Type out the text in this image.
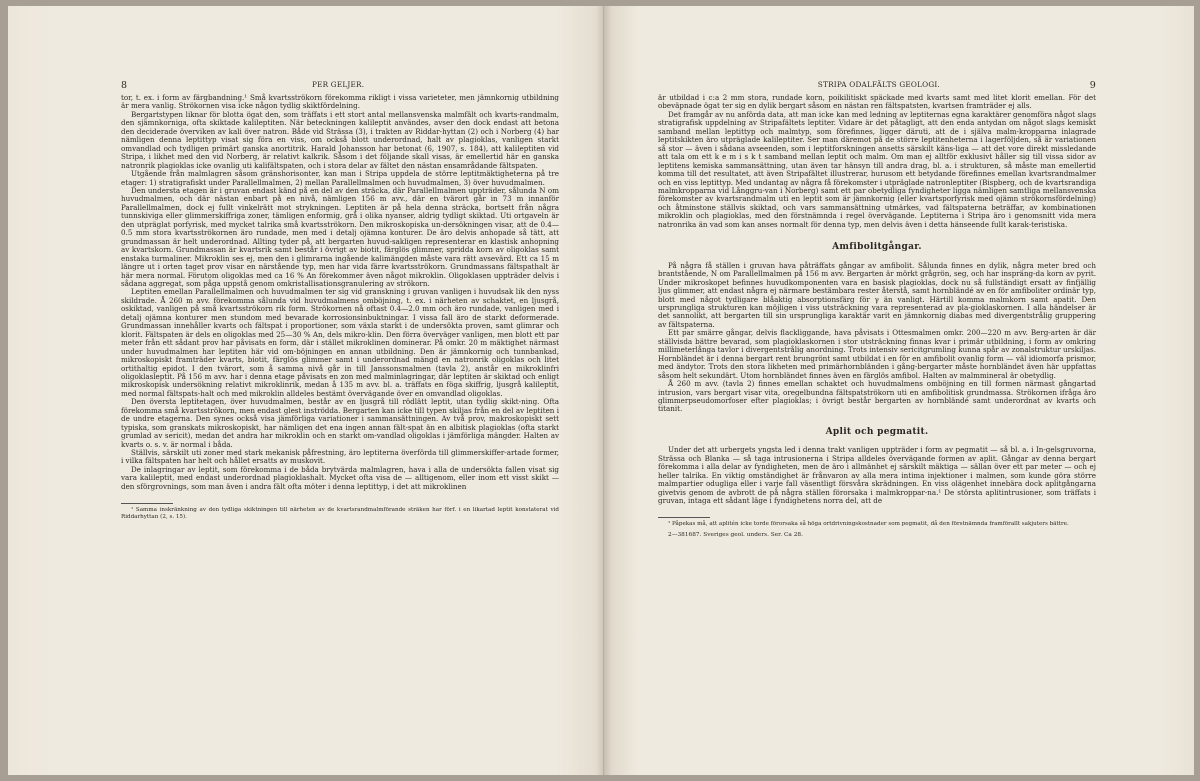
8	PER GELJER.

tor, t. ex. i form av färgbandning.¹ Små kvartsströkorn förekomma rikligt i vissa varieteter, men jämnkornig utbildning är mera vanlig. Strökornen visa icke någon tydlig skiktfördelning.

Bergartstypen liknar för blotta ögat den, som träffats i ett stort antal mellansvenska malmfält och kvarts-randmalm, den sjämnkorniga, ofta skiktade kalileptiten. När beteckningen kalileptit användes, avser den dock endast att betona den deciderade överviken av kali över natron. Både vid Strässa (3), i trakten av Riddar-hyttan (2) och i Norberg (4) har nämligen denna leptittyp visat sig föra en viss, om också blott underordnad, halt av plagioklas, vanligen starkt omvandlad och tydligen primärt ganska anortitrik. Harald Johansson har betonat (6, 1907, s. 184), att kalileptiten vid Stripa, i likhet med den vid Norberg, är relativt kalkrik. Såsom i det följande skall visas, är emellertid här en ganska natronrik plagioklas icke ovanlig uti kalifältspaten, och i stora delar av fältet den nästan ensamrådande fältspaten.

Utgående från malmlagren såsom gränshorisonter, kan man i Stripa uppdela de större leptitmäktigheterna på tre etager: 1) stratigrafiskt under Parallellmalmen, 2) mellan Parallellmalmen och huvudmalmen, 3) över huvudmalmen.

Den understa etagen är i gruvan endast känd på en del av den sträcka, där Parallellmalmen uppträder, sålunda N om huvudmalmen, och där nästan enbart på en nivå, nämligen 156 m avv., där en tvärort går in 73 m innanför Parallellmalmen, dock ej fullt vinkelrätt mot strykningen. Leptiten är på hela denna sträcka, bortsett från några tunnskiviga eller glimmerskiffriga zoner, tämligen enformig, grå i olika nyanser, aldrig tydligt skiktad. Uti ortgaveln är den utpräglat porfyrisk, med mycket talrika små kvartsströkorn. Den mikroskopiska un-dersökningen visar, att de 0.4—0.5 mm stora kvartsströkornen äro rundade, men med i detalj ojämna konturer. De äro delvis anhopade så tätt, att grundmassan är helt underordnad. Allting tyder på, att bergarten huvud-sakligen representerar en klastisk anhopning av kvartskorn. Grundmassan är kvartsrik samt består i övrigt av biotit, färglös glimmer, spridda korn av oligoklas samt enstaka turmaliner. Mikroklin ses ej, men den i glimrarna ingående kalimängden måste vara rätt avsevärd. Ett ca 15 m längre ut i orten taget prov visar en närstående typ, men har vida färre kvartsströkorn. Grundmassans fältspathalt är här mera normal. Förutom oligoklas med ca 16 % An förekommer även något mikroklin. Oligoklasen uppträder delvis i sådana aggregat, som påga uppstå genom omkristallisationsgranulering av strökorn.

Leptiten emellan Parallellmalmen och huvudmalmen ter sig vid granskning i gruvan vanligen i huvudsak lik den nyss skildrade. Å 260 m avv. förekomma sålunda vid huvudmalmens omböjning, t. ex. i närheten av schaktet, en ljusgrå, oskiktad, vanligen på små kvartsströkorn rik form. Strökornen nå oftast 0.4—2.0 mm och äro rundade, vanligen med i detalj ojämna konturer men stundom med bevarade korrosionsinbuktningar. I vissa fall äro de starkt deformerade. Grundmassan innehåller kvarts och fältspat i proportioner, som växla starkt i de undersökta proven, samt glimrar och klorit. Fältspaten är dels en oligoklas med 25—30 % An, dels mikro-klin. Den förra överväger vanligen, men blott ett par meter från ett sådant prov har påvisats en form, där i stället mikroklinen dominerar. På omkr. 20 m mäktighet närmast under huvudmalmen har leptiten här vid om-böjningen en annan utbildning. Den är jämnkornig och tunnbankad, mikroskopiskt framträder kvarts, biotit, färglös glimmer samt i underordnad mängd en natronrik oligoklas och litet ortithaltig epidot. I den tvärort, som å samma nivå går in till Janssonsmalmen (tavla 2), anstår en mikroklinfri oligoklasleptit. På 156 m avv. har i denna etage påvisats en zon med malminlagringar, där leptiten är skiktad och enligt mikroskopisk undersökning relativt mikroklinrik, medan å 135 m avv. bl. a. träffats en föga skiffrig, ljusgrå kalileptit, med normal fältspats-halt och med mikroklin alldeles bestämt övervägande över en omvandlad oligoklas.

Den översta leptitetagen, över huvudmalmen, består av en ljusgrå till rödlätt leptit, utan tydlig skikt-ning. Ofta förekomma små kvartsströkorn, men endast glest inströdda. Bergarten kan icke till typen skiljas från en del av leptiten i de undre etagerna. Den synes också visa jämförliga variationer i sammansättningen. Av två prov, makroskopiskt sett typiska, som granskats mikroskopiskt, har nämligen det ena ingen annan fält-spat än en albitisk plagioklas (ofta starkt grumlad av sericit), medan det andra har mikroklin och en starkt om-vandlad oligoklas i jämförliga mängder. Halten av kvarts o. s. v. är normal i båda.

Ställvis, särskilt uti zoner med stark mekanisk påfrestning, äro leptiterna överförda till glimmerskiffer-artade former, i vilka fältspaten har helt och hållet ersatts av muskovit.

De inlagringar av leptit, som förekomma i de båda brytvärda malmlagren, hava i alla de undersökta fallen visat sig vara kalileptit, med endast underordnad plagioklashalt. Mycket ofta visa de — alltigenom, eller inom ett visst skikt — den sförgrovnings, som man även i andra fält ofta möter i denna leptittyp, i det att mikroklinen

¹ Samma inskränkning av den tydliga skiktningen till närheten av de kvartsrandmalmförande sträken har förf. i en likartad leptit konstaterat vid Riddarhyttan (2, s. 15).

STRIPA ODALFÄLTS GEOLOGI.	9

är utbildad i c:a 2 mm stora, rundade korn, poikilitiskt späckade med kvarts samt med litet klorit emellan. För det obeväpnade ögat ter sig en dylik bergart såsom en nästan ren fältspatsten, kvartsen framträder ej alls.

Det framgår av nu anförda data, att man icke kan med ledning av leptiternas egna karaktärer genomföra något slags stratigrafisk uppdelning av Stripafältets leptiter. Vidare är det påtagligt, att den enda antydan om något slags kemiskt samband mellan leptittyp och malmtyp, som förefinnes, ligger däruti, att de i själva malm-kropparna inlagrade leptitskikten äro utpräglade kalileptiter. Ser man däremot på de större leptitenheterna i lagerföljden, så är variationen så stor — även i sådana avseenden, som i leptitforskningen ansetts särskilt käns-liga — att det vore direkt missledande att tala om ett k e m i s k t samband mellan leptit och malm. Om man ej alltför exklusivt håller sig till vissa sidor av leptitens kemiska sammansättning, utan även tar hänsyn till andra drag, bl. a. i strukturen, så måste man emellertid komma till det resultatet, att även Stripafältet illustrerar, hurusom ett betydande förefinnes emellan kvartsrandmalmer och en viss leptittyp. Med undantag av några få förekomster i utpräglade natronleptiter (Bispberg, och de kvartsrandiga malmkropparna vid Långgru-van i Norberg) samt ett par obetydliga fyndigheter ligga nämligen samtliga mellansvenska förekomster av kvartsrandmalm uti en leptit som är jämnkornig (eller kvartsporfyrisk med ojämn strökornsfördelning) och åtminstone ställvis skiktad, och vars sammansättning utmärkes, vad fältspaterna beträffar, av kombinationen mikroklin och plagioklas, med den förstnämnda i regel övervägande. Leptiterna i Stripa äro i genomsnitt vida mera natronrika än vad som kan anses normalt för denna typ, men delvis även i detta hänseende fullt karak-teristiska.

Amfibolitgångar.

På några få ställen i gruvan hava påträffats gångar av amfibolit. Sålunda finnes en dylik, några meter bred och brantstående, N om Parallellmalmen på 156 m avv. Bergarten är mörkt grågrön, seg, och har inspräng-da korn av pyrit. Under mikroskopet befinnes huvudkomponenten vara en basisk plagioklas, dock nu så fullständigt ersatt av finfjällig ljus glimmer, att endast några ej närmare bestämbara rester återstå, samt hornbländé av en för amfiboliter ordinär typ, blott med något tydligare blåaktig absorptionsfärg för γ än vanligt. Härtill komma malmkorn samt apatit. Den ursprungliga strukturen kan möjligen i viss utsträckning vara representerad av pla-gioklaskornen. I alla händelser är det sannolikt, att bergarten till sin ursprungliga karaktär varit en jämnkornig diabas med divergentstrålig gruppering av fältspaterna.

Ett par smärre gångar, delvis flackliggande, hava påvisats i Ottesmalmen omkr. 200—220 m avv. Berg-arten är där ställvisda bättre bevarad, som plagioklaskornen i stor utsträckning finnas kvar i primär utbildning, i form av omkring millimeterlånga tavlor i divergentstrålig anordning. Trots intensiv sericitgrumling kunna spår av zonalstruktur urskiljas. Hornbländet är i denna bergart rent brungrönt samt utbildat i en för en amfibolit ovanlig form — väl idiomorfa prismor, med ändytor. Trots den stora likheten med primärhornbländen i gång-bergarter måste hornbländet även här uppfattas såsom helt sekundärt. Utom hornbländet finnes även en färglös amfibol. Halten av malmmineral är obetydlig.

Å 260 m avv. (tavla 2) finnes emellan schaktet och huvudmalmens omböjning en till formen närmast gångartad intrusion, vars bergart visar vita, oregelbundna fältspatströkorn uti en amfibolitisk grundmassa. Strökornen ifråga äro glimmerpseudomorfoser efter plagioklas; i övrigt består bergarten av hornbländé samt underordnat av kvarts och titanit.

Aplit och pegmatit.

Under det att urbergets yngsta led i denna trakt vanligen uppträder i form av pegmatit — så bl. a. i In-gelsgruvorna, Strässa och Blanka — så taga intrusionerna i Stripa alldeles övervägande formen av aplit. Gångar av denna bergart förekomma i alla delar av fyndigheten, men de äro i allmänhet ej särskilt mäktiga — sällan över ett par meter — och ej heller talrika. En viktig omständighet är frånvaron av alla mera intima injektioner i malmen, som kunde göra större malmpartier odugliga eller i varje fall väsentligt försvåra skrädningen. En viss olägenhet innebära dock aplitgångarna givetvis genom de avbrott de på några ställen förorsaka i malmkroppar-na.¹ De största aplitintrusioner, som träffats i gruvan, intaga ett sådant läge i fyndighetens norra del, att de

¹ Påpekas må, att aplitén icke torde förorsaka så höga ortdrivningskostnader som pegmatit, då den förstnämnda framförallt sakjuters bättre.

2—381687. Sveriges geol. unders. Ser. Ca 28.
